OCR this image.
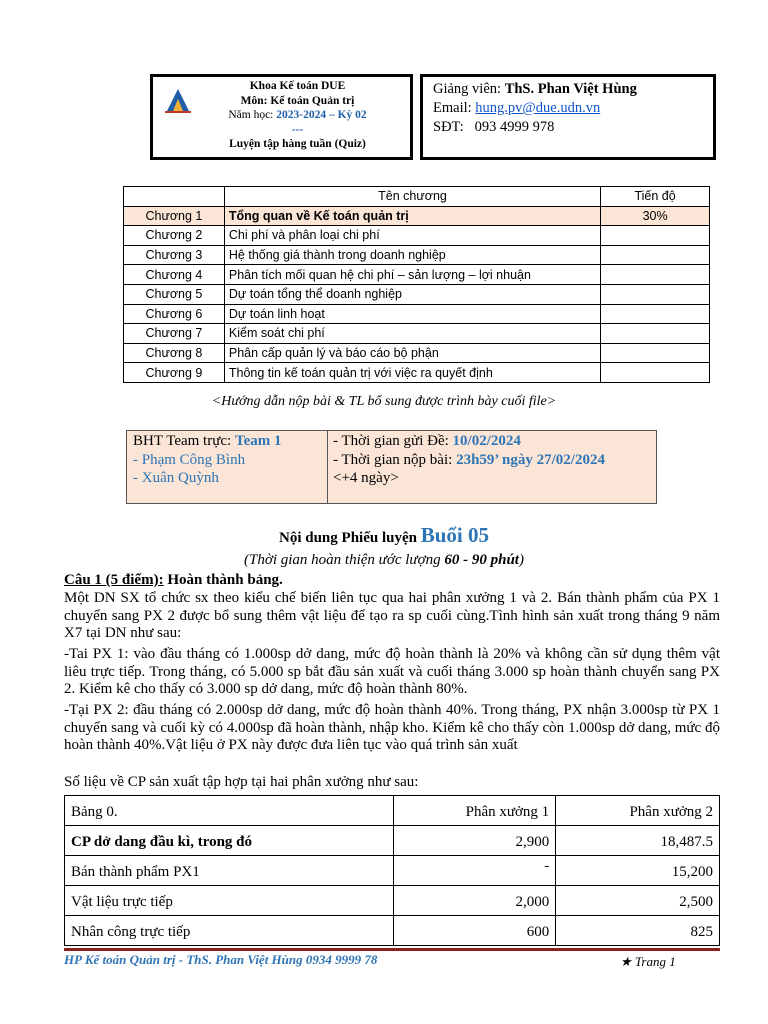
Khoa Kế toán DUE
Môn: Kế toán Quản trị
Năm học: 2023-2024 – Kỳ 02
---
Luyện tập hàng tuần (Quiz)
Giảng viên: ThS. Phan Việt Hùng
Email: hung.pv@due.udn.vn
SĐT: 093 4999 978
	Tên chương	Tiến độ
Chương 1	Tổng quan về Kế toán quản trị	30%
Chương 2	Chi phí và phân loại chi phí	
Chương 3	Hệ thống giá thành trong doanh nghiệp	
Chương 4	Phân tích mối quan hệ chi phí – sản lượng – lợi nhuận	
Chương 5	Dự toán tổng thể doanh nghiệp	
Chương 6	Dự toán linh hoạt	
Chương 7	Kiểm soát chi phí	
Chương 8	Phân cấp quản lý và báo cáo bộ phận	
Chương 9	Thông tin kế toán quản trị với việc ra quyết định	
<Hướng dẫn nộp bài & TL bổ sung được trình bày cuối file>
BHT Team trực: Team 1
- Phạm Công Bình
- Xuân Quỳnh
- Thời gian gửi Đề: 10/02/2024
- Thời gian nộp bài: 23h59’ ngày 27/02/2024
<+4 ngày>
Nội dung Phiếu luyện Buổi 05
(Thời gian hoàn thiện ước lượng 60 - 90 phút)
Câu 1 (5 điểm): Hoàn thành bảng.
Một DN SX tổ chức sx theo kiểu chế biến liên tục qua hai phân xưởng 1 và 2. Bán thành phẩm của PX 1 chuyển sang PX 2 được bổ sung thêm vật liệu để tạo ra sp cuối cùng.Tình hình sản xuất trong tháng 9 năm X7 tại DN như sau:
-Tai PX 1: vào đầu tháng có 1.000sp dở dang, mức độ hoàn thành là 20% và không cần sử dụng thêm vật liêu trực tiếp. Trong tháng, có 5.000 sp bắt đầu sản xuất và cuối tháng 3.000 sp hoàn thành chuyển sang PX 2. Kiểm kê cho thấy có 3.000 sp dở dang, mức độ hoàn thành 80%.
-Tại PX 2: đầu tháng có 2.000sp dở dang, mức độ hoàn thành 40%. Trong tháng, PX nhận 3.000sp từ PX 1 chuyển sang và cuối kỳ có 4.000sp đã hoàn thành, nhập kho. Kiểm kê cho thấy còn 1.000sp dở dang, mức độ hoàn thành 40%.Vật liệu ở PX này được đưa liên tục vào quá trình sản xuất
Số liệu về CP sản xuất tập hợp tại hai phân xưởng như sau:
Bảng 0.	Phân xưởng 1	Phân xưởng 2
CP dở dang đầu kì, trong đó	2,900	18,487.5
Bán thành phẩm PX1	-	15,200
Vật liệu trực tiếp	2,000	2,500
Nhân công trực tiếp	600	825
HP Kế toán Quản trị - ThS. Phan Việt Hùng 0934 9999 78	★ Trang 1
